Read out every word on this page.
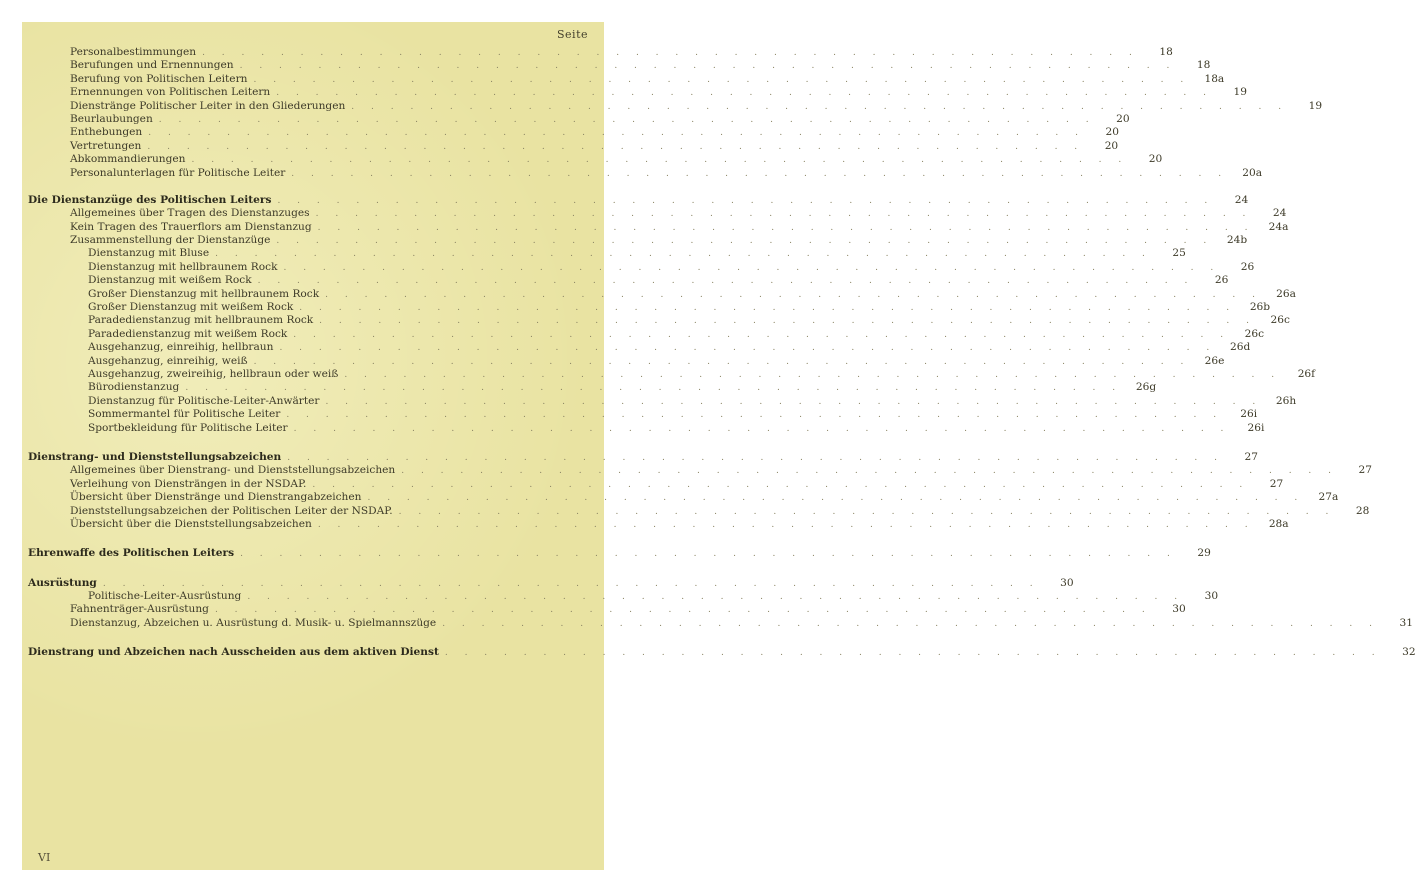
Seite
Personalbestimmungen . . . . . . . . . . . . . . . . . . . . . . . . . . . . . . . . . . . . . . . . . . . . . . . .	18
Berufungen und Ernennungen . . . . . . . . . . . . . . . . . . . . . . . . . . . . . . . . . . . . . . . . . . . . . . . .	18
Berufung von Politischen Leitern . . . . . . . . . . . . . . . . . . . . . . . . . . . . . . . . . . . . . . . . . . . . . . . .	18a
Ernennungen von Politischen Leitern . . . . . . . . . . . . . . . . . . . . . . . . . . . . . . . . . . . . . . . . . . . . . . . .	19
Dienstränge Politischer Leiter in den Gliederungen . . . . . . . . . . . . . . . . . . . . . . . . . . . . . . . . . . . . . . . . . . . . . . . .	19
Beurlaubungen . . . . . . . . . . . . . . . . . . . . . . . . . . . . . . . . . . . . . . . . . . . . . . . .	20
Enthebungen . . . . . . . . . . . . . . . . . . . . . . . . . . . . . . . . . . . . . . . . . . . . . . . .	20
Vertretungen . . . . . . . . . . . . . . . . . . . . . . . . . . . . . . . . . . . . . . . . . . . . . . . .	20
Abkommandierungen . . . . . . . . . . . . . . . . . . . . . . . . . . . . . . . . . . . . . . . . . . . . . . . .	20
Personalunterlagen für Politische Leiter . . . . . . . . . . . . . . . . . . . . . . . . . . . . . . . . . . . . . . . . . . . . . . . .	20a
Die Dienstanzüge des Politischen Leiters . . . . . . . . . . . . . . . . . . . . . . . . . . . . . . . . . . . . . . . . . . . . . . . .	24
Allgemeines über Tragen des Dienstanzuges . . . . . . . . . . . . . . . . . . . . . . . . . . . . . . . . . . . . . . . . . . . . . . . .	24
Kein Tragen des Trauerflors am Dienstanzug . . . . . . . . . . . . . . . . . . . . . . . . . . . . . . . . . . . . . . . . . . . . . . . .	24a
Zusammenstellung der Dienstanzüge . . . . . . . . . . . . . . . . . . . . . . . . . . . . . . . . . . . . . . . . . . . . . . . .	24b
Dienstanzug mit Bluse . . . . . . . . . . . . . . . . . . . . . . . . . . . . . . . . . . . . . . . . . . . . . . . .	25
Dienstanzug mit hellbraunem Rock . . . . . . . . . . . . . . . . . . . . . . . . . . . . . . . . . . . . . . . . . . . . . . . .	26
Dienstanzug mit weißem Rock . . . . . . . . . . . . . . . . . . . . . . . . . . . . . . . . . . . . . . . . . . . . . . . .	26
Großer Dienstanzug mit hellbraunem Rock . . . . . . . . . . . . . . . . . . . . . . . . . . . . . . . . . . . . . . . . . . . . . . . .	26a
Großer Dienstanzug mit weißem Rock . . . . . . . . . . . . . . . . . . . . . . . . . . . . . . . . . . . . . . . . . . . . . . . .	26b
Paradedienstanzug mit hellbraunem Rock . . . . . . . . . . . . . . . . . . . . . . . . . . . . . . . . . . . . . . . . . . . . . . . .	26c
Paradedienstanzug mit weißem Rock . . . . . . . . . . . . . . . . . . . . . . . . . . . . . . . . . . . . . . . . . . . . . . . .	26c
Ausgehanzug, einreihig, hellbraun . . . . . . . . . . . . . . . . . . . . . . . . . . . . . . . . . . . . . . . . . . . . . . . .	26d
Ausgehanzug, einreihig, weiß . . . . . . . . . . . . . . . . . . . . . . . . . . . . . . . . . . . . . . . . . . . . . . . .	26e
Ausgehanzug, zweireihig, hellbraun oder weiß . . . . . . . . . . . . . . . . . . . . . . . . . . . . . . . . . . . . . . . . . . . . . . . .	26f
Bürodienstanzug . . . . . . . . . . . . . . . . . . . . . . . . . . . . . . . . . . . . . . . . . . . . . . . .	26g
Dienstanzug für Politische-Leiter-Anwärter . . . . . . . . . . . . . . . . . . . . . . . . . . . . . . . . . . . . . . . . . . . . . . . .	26h
Sommermantel für Politische Leiter . . . . . . . . . . . . . . . . . . . . . . . . . . . . . . . . . . . . . . . . . . . . . . . .	26i
Sportbekleidung für Politische Leiter . . . . . . . . . . . . . . . . . . . . . . . . . . . . . . . . . . . . . . . . . . . . . . . .	26i
Dienstrang- und Dienststellungsabzeichen . . . . . . . . . . . . . . . . . . . . . . . . . . . . . . . . . . . . . . . . . . . . . . . .	27
Allgemeines über Dienstrang- und Dienststellungsabzeichen . . . . . . . . . . . . . . . . . . . . . . . . . . . . . . . . . . . . . . . . . . . . . . . .	27
Verleihung von Diensträngen in der NSDAP. . . . . . . . . . . . . . . . . . . . . . . . . . . . . . . . . . . . . . . . . . . . . . . . .	27
Übersicht über Dienstränge und Dienstrangabzeichen . . . . . . . . . . . . . . . . . . . . . . . . . . . . . . . . . . . . . . . . . . . . . . . .	27a
Dienststellungsabzeichen der Politischen Leiter der NSDAP. . . . . . . . . . . . . . . . . . . . . . . . . . . . . . . . . . . . . . . . . . . . . . . . .	28
Übersicht über die Dienststellungsabzeichen . . . . . . . . . . . . . . . . . . . . . . . . . . . . . . . . . . . . . . . . . . . . . . . .	28a
Ehrenwaffe des Politischen Leiters . . . . . . . . . . . . . . . . . . . . . . . . . . . . . . . . . . . . . . . . . . . . . . . .	29
Ausrüstung . . . . . . . . . . . . . . . . . . . . . . . . . . . . . . . . . . . . . . . . . . . . . . . .	30
Politische-Leiter-Ausrüstung . . . . . . . . . . . . . . . . . . . . . . . . . . . . . . . . . . . . . . . . . . . . . . . .	30
Fahnenträger-Ausrüstung . . . . . . . . . . . . . . . . . . . . . . . . . . . . . . . . . . . . . . . . . . . . . . . .	30
Dienstanzug, Abzeichen u. Ausrüstung d. Musik- u. Spielmannszüge . . . . . . . . . . . . . . . . . . . . . . . . . . . . . . . . . . . . . . . . . . . . . . . .	31
Dienstrang und Abzeichen nach Ausscheiden aus dem aktiven Dienst . . . . . . . . . . . . . . . . . . . . . . . . . . . . . . . . . . . . . . . . . . . . . . . .	32
VI
